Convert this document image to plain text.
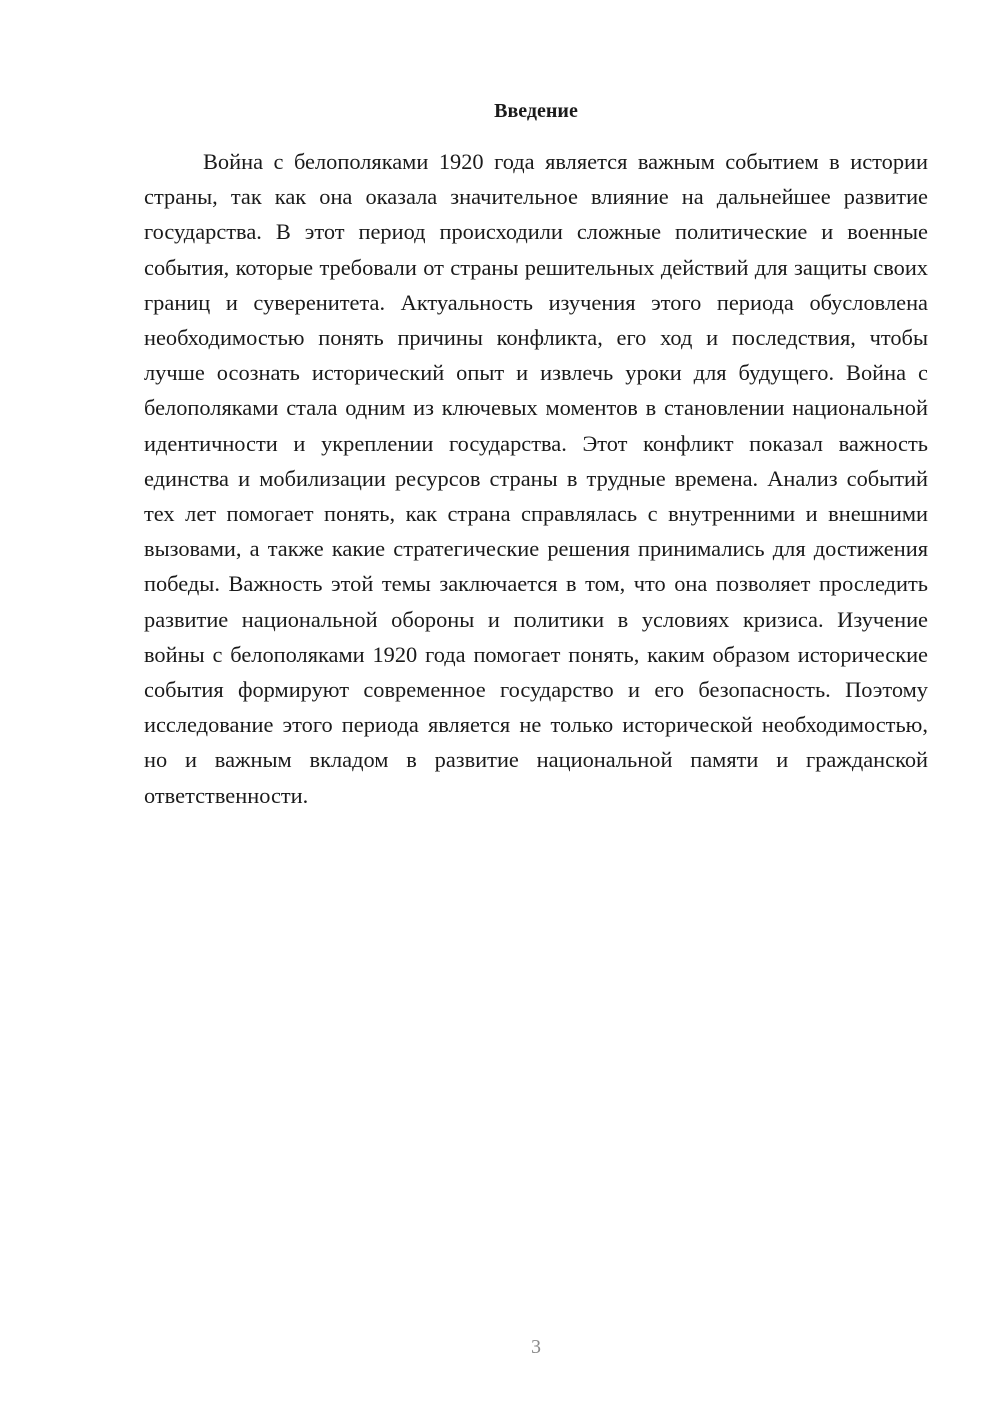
Введение

Война с белополяками 1920 года является важным событием в истории страны, так как она оказала значительное влияние на дальнейшее развитие государства. В этот период происходили сложные политические и военные события, которые требовали от страны решительных действий для защиты своих границ и суверенитета. Актуальность изучения этого периода обусловлена необходимостью понять причины конфликта, его ход и последствия, чтобы лучше осознать исторический опыт и извлечь уроки для будущего. Война с белополяками стала одним из ключевых моментов в становлении национальной идентичности и укреплении государства. Этот конфликт показал важность единства и мобилизации ресурсов страны в трудные времена. Анализ событий тех лет помогает понять, как страна справлялась с внутренними и внешними вызовами, а также какие стратегические решения принимались для достижения победы. Важность этой темы заключается в том, что она позволяет проследить развитие национальной обороны и политики в условиях кризиса. Изучение войны с белополяками 1920 года помогает понять, каким образом исторические события формируют современное государство и его безопасность. Поэтому исследование этого периода является не только исторической необходимостью, но и важным вкладом в развитие национальной памяти и гражданской ответственности.

3
